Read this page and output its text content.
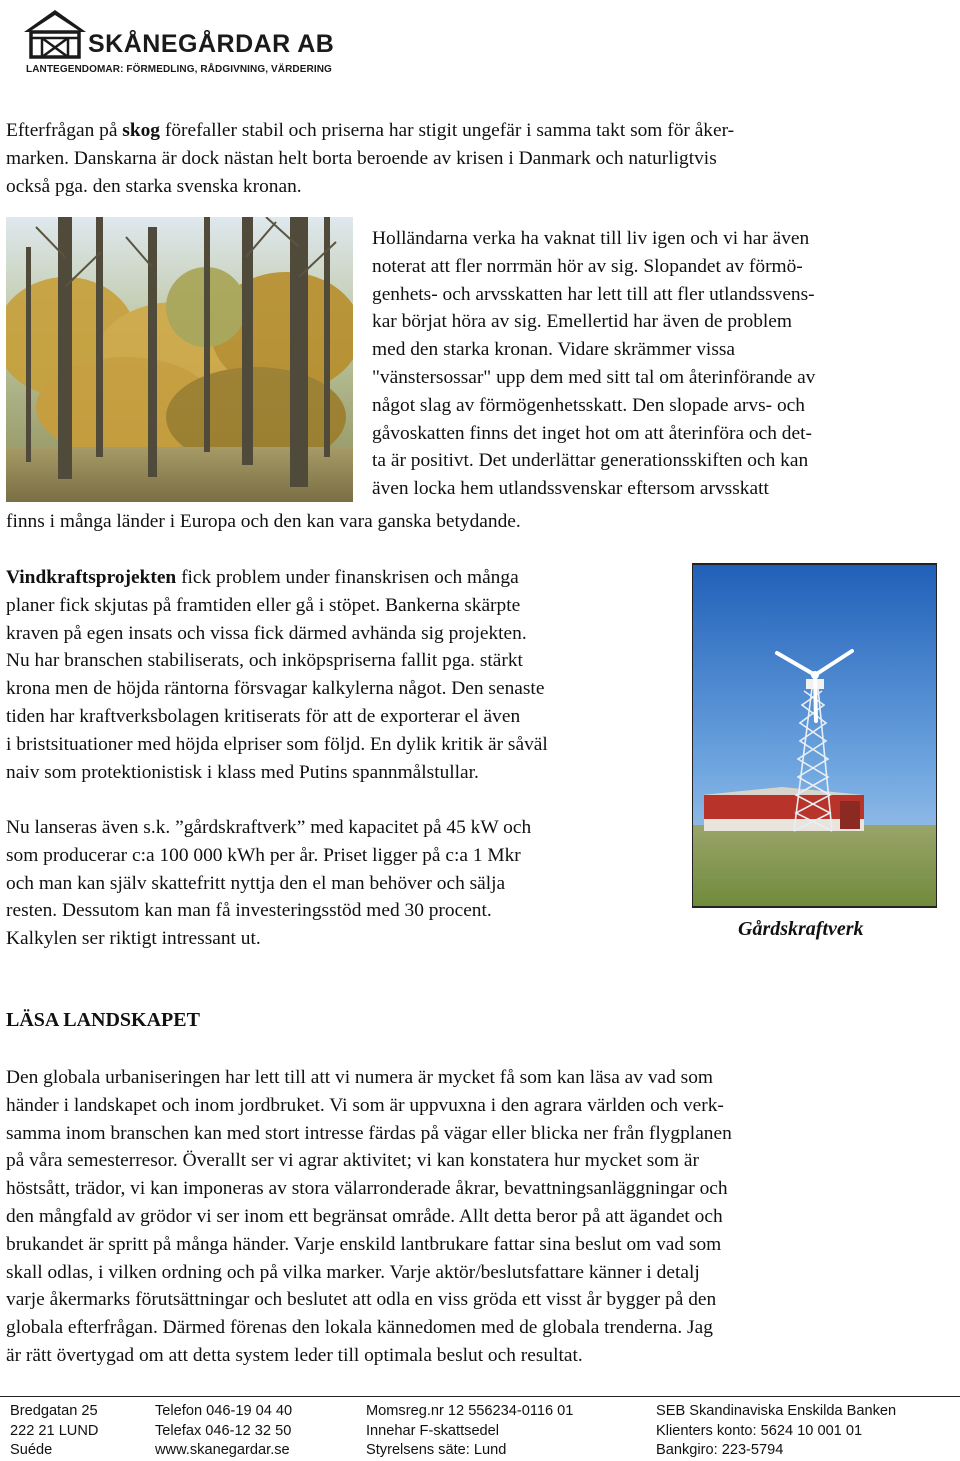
SKÅNEGÅRDAR AB
LANTEGENDOMAR: FÖRMEDLING, RÅDGIVNING, VÄRDERING
Efterfrågan på skog förefaller stabil och priserna har stigit ungefär i samma takt som för åker-
marken. Danskarna är dock nästan helt borta beroende av krisen i Danmark och naturligtvis
också pga. den starka svenska kronan.
Holländarna verka ha vaknat till liv igen och vi har även
noterat att fler norrmän hör av sig. Slopandet av förmö-
genhets- och arvsskatten har lett till att fler utlandssvens-
kar börjat höra av sig. Emellertid har även de problem
med den starka kronan. Vidare skrämmer vissa
"vänstersossar" upp dem med sitt tal om återinförande av
något slag av förmögenhetsskatt. Den slopade arvs- och
gåvoskatten finns det inget hot om att återinföra och det-
ta är positivt. Det underlättar generationsskiften och kan
även locka hem utlandssvenskar eftersom arvsskatt
finns i många länder i Europa och den kan vara ganska betydande.
Vindkraftsprojekten fick problem under finanskrisen och många
planer fick skjutas på framtiden eller gå i stöpet. Bankerna skärpte
kraven på egen insats och vissa fick därmed avhända sig projekten.
Nu har branschen stabiliserats, och inköpspriserna fallit pga. stärkt
krona men de höjda räntorna försvagar kalkylerna något. Den senaste
tiden har kraftverksbolagen kritiserats för att de exporterar el även
i bristsituationer med höjda elpriser som följd. En dylik kritik är såväl
naiv som protektionistisk i klass med Putins spannmålstullar.
Nu lanseras även s.k. ”gårdskraftverk” med kapacitet på 45 kW och
som producerar c:a 100 000 kWh per år. Priset ligger på c:a 1 Mkr
och man kan själv skattefritt nyttja den el man behöver och sälja
resten. Dessutom kan man få investeringsstöd med 30 procent.
Kalkylen ser riktigt intressant ut.	Gårdskraftverk
LÄSA LANDSKAPET
Den globala urbaniseringen har lett till att vi numera är mycket få som kan läsa av vad som
händer i landskapet och inom jordbruket. Vi som är uppvuxna i den agrara världen och verk-
samma inom branschen kan med stort intresse färdas på vägar eller blicka ner från flygplanen
på våra semesterresor. Överallt ser vi agrar aktivitet; vi kan konstatera hur mycket som är
höstsått, trädor, vi kan imponeras av stora välarronderade åkrar, bevattningsanläggningar och
den mångfald av grödor vi ser inom ett begränsat område. Allt detta beror på att ägandet och
brukandet är spritt på många händer. Varje enskild lantbrukare fattar sina beslut om vad som
skall odlas, i vilken ordning och på vilka marker. Varje aktör/beslutsfattare känner i detalj
varje åkermarks förutsättningar och beslutet att odla en viss gröda ett visst år bygger på den
globala efterfrågan. Därmed förenas den lokala kännedomen med de globala trenderna. Jag
är rätt övertygad om att detta system leder till optimala beslut och resultat.
Bredgatan 25
222 21 LUND
Suéde
Telefon 046-19 04 40
Telefax 046-12 32 50
www.skanegardar.se
Momsreg.nr 12 556234-0116 01
Innehar F-skattsedel
Styrelsens säte: Lund
SEB Skandinaviska Enskilda Banken
Klienters konto: 5624 10 001 01
Bankgiro: 223-5794
